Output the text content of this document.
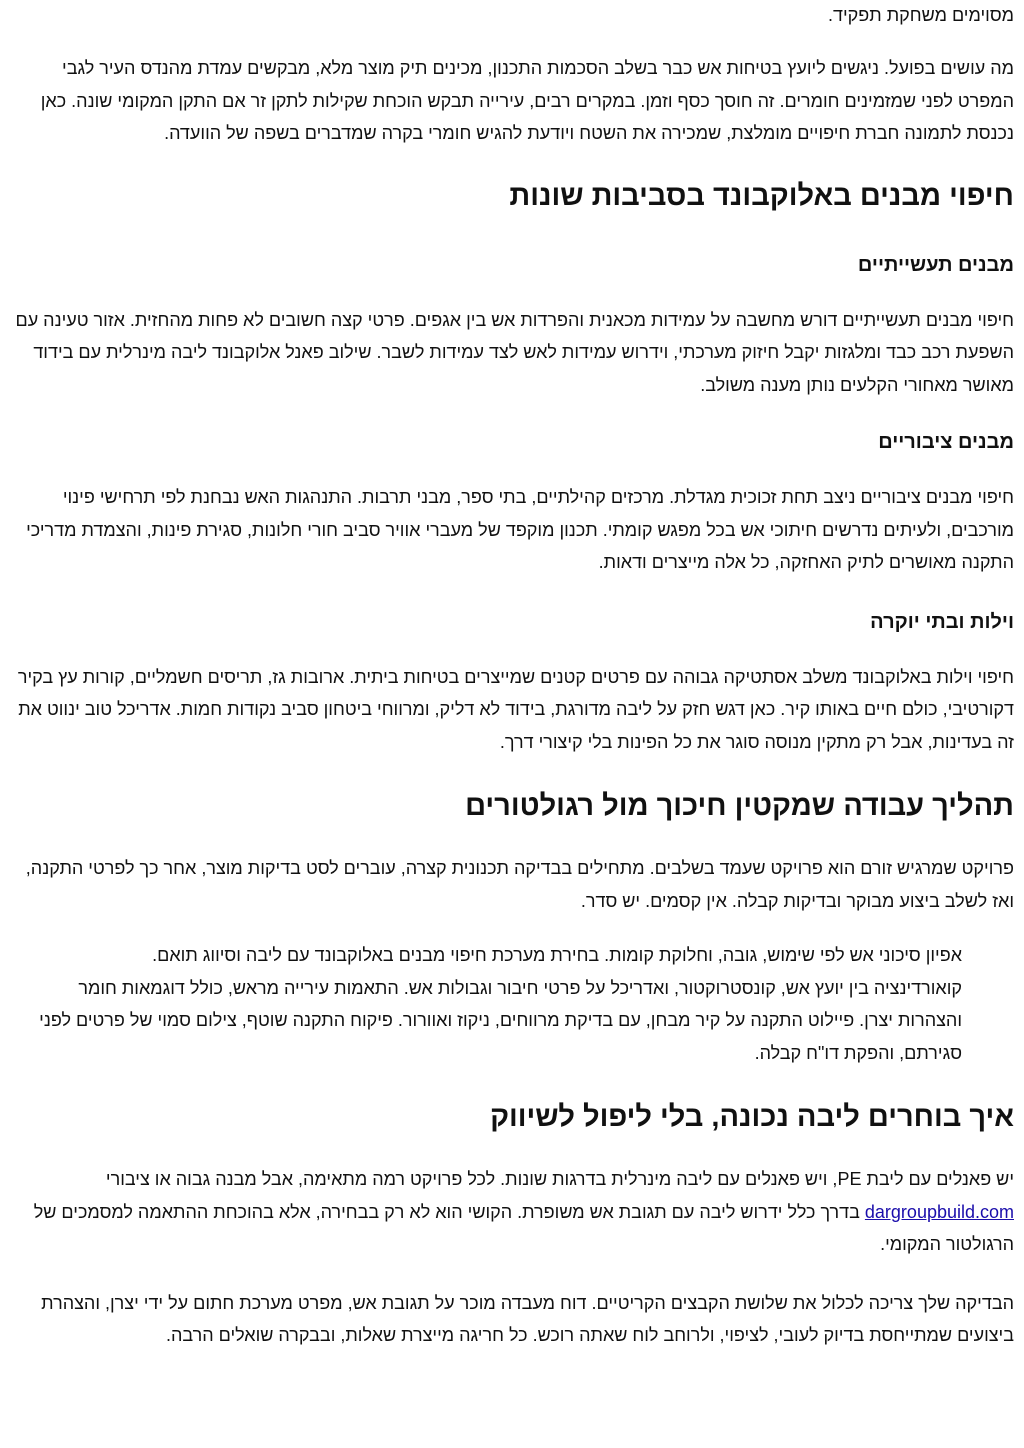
מסוימים משחקת תפקיד.

מה עושים בפועל. ניגשים ליועץ בטיחות אש כבר בשלב הסכמות התכנון, מכינים תיק מוצר מלא, מבקשים עמדת מהנדס העיר לגבי המפרט לפני שמזמינים חומרים. זה חוסך כסף וזמן. במקרים רבים, עירייה תבקש הוכחת שקילות לתקן זר אם התקן המקומי שונה. כאן נכנסת לתמונה חברת חיפויים מומלצת, שמכירה את השטח ויודעת להגיש חומרי בקרה שמדברים בשפה של הוועדה.

חיפוי מבנים באלוקבונד בסביבות שונות
מבנים תעשייתיים

חיפוי מבנים תעשייתיים דורש מחשבה על עמידות מכאנית והפרדות אש בין אגפים. פרטי קצה חשובים לא פחות מהחזית. אזור טעינה עם השפעת רכב כבד ומלגזות יקבל חיזוק מערכתי, וידרוש עמידות לאש לצד עמידות לשבר. שילוב פאנל אלוקבונד ליבה מינרלית עם בידוד מאושר מאחורי הקלעים נותן מענה משולב.

מבנים ציבוריים

חיפוי מבנים ציבוריים ניצב תחת זכוכית מגדלת. מרכזים קהילתיים, בתי ספר, מבני תרבות. התנהגות האש נבחנת לפי תרחישי פינוי מורכבים, ולעיתים נדרשים חיתוכי אש בכל מפגש קומתי. תכנון מוקפד של מעברי אוויר סביב חורי חלונות, סגירת פינות, והצמדת מדריכי התקנה מאושרים לתיק האחזקה, כל אלה מייצרים ודאות.

וילות ובתי יוקרה

חיפוי וילות באלוקבונד משלב אסתטיקה גבוהה עם פרטים קטנים שמייצרים בטיחות ביתית. ארובות גז, תריסים חשמליים, קורות עץ בקיר דקורטיבי, כולם חיים באותו קיר. כאן דגש חזק על ליבה מדורגת, בידוד לא דליק, ומרווחי ביטחון סביב נקודות חמות. אדריכל טוב ינווט את זה בעדינות, אבל רק מתקין מנוסה סוגר את כל הפינות בלי קיצורי דרך.

תהליך עבודה שמקטין חיכוך מול רגולטורים

פרויקט שמרגיש זורם הוא פרויקט שעמד בשלבים. מתחילים בבדיקה תכנונית קצרה, עוברים לסט בדיקות מוצר, אחר כך לפרטי התקנה, ואז לשלב ביצוע מבוקר ובדיקות קבלה. אין קסמים. יש סדר.

אפיון סיכוני אש לפי שימוש, גובה, וחלוקת קומות. בחירת מערכת חיפוי מבנים באלוקבונד עם ליבה וסיווג תואם.
קואורדינציה בין יועץ אש, קונסטרוקטור, ואדריכל על פרטי חיבור וגבולות אש. התאמות עירייה מראש, כולל דוגמאות חומר והצהרות יצרן. פיילוט התקנה על קיר מבחן, עם בדיקת מרווחים, ניקוז ואוורור. פיקוח התקנה שוטף, צילום סמוי של פרטים לפני סגירתם, והפקת דו"ח קבלה.
איך בוחרים ליבה נכונה, בלי ליפול לשיווק

יש פאנלים עם ליבת PE, ויש פאנלים עם ליבה מינרלית בדרגות שונות. לכל פרויקט רמה מתאימה, אבל מבנה גבוה או ציבורי dargroupbuild.com בדרך כלל ידרוש ליבה עם תגובת אש משופרת. הקושי הוא לא רק בבחירה, אלא בהוכחת ההתאמה למסמכים של הרגולטור המקומי.

הבדיקה שלך צריכה לכלול את שלושת הקבצים הקריטיים. דוח מעבדה מוכר על תגובת אש, מפרט מערכת חתום על ידי יצרן, והצהרת ביצועים שמתייחסת בדיוק לעובי, לציפוי, ולרוחב לוח שאתה רוכש. כל חריגה מייצרת שאלות, ובבקרה שואלים הרבה.
